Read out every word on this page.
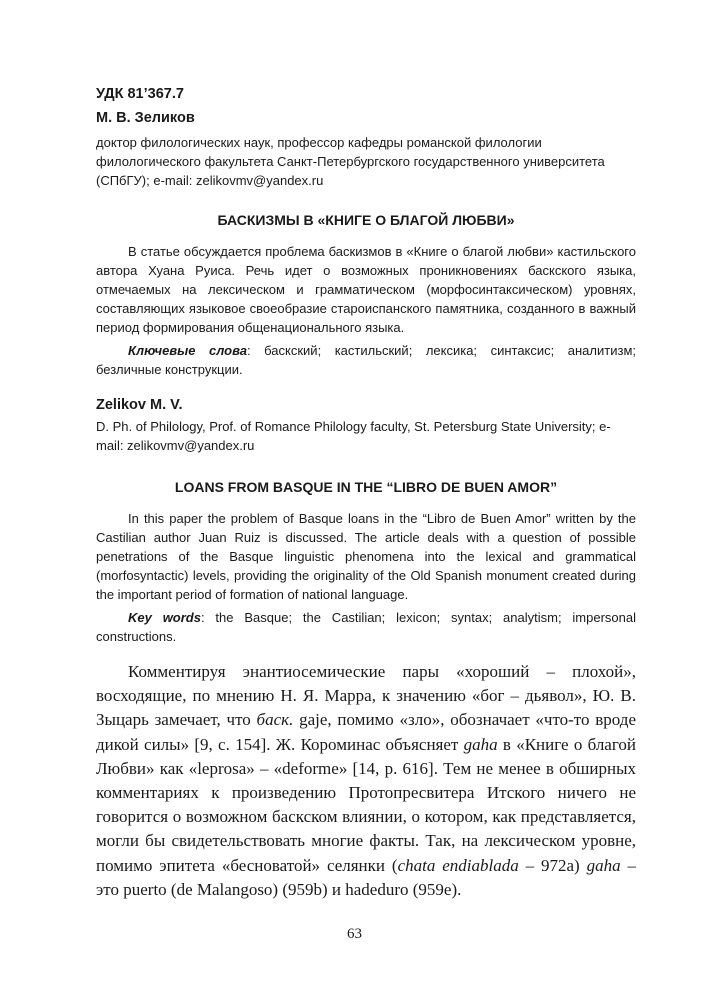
УДК 81’367.7

М. В. Зеликов

доктор филологических наук, профессор кафедры романской филологии филологического факультета Санкт-Петербургского государственного университета (СПбГУ); e-mail: zelikovmv@yandex.ru

БАСКИЗМЫ В «КНИГЕ О БЛАГОЙ ЛЮБВИ»

В статье обсуждается проблема баскизмов в «Книге о благой любви» кастильского автора Хуана Руиса. Речь идет о возможных проникновениях баскского языка, отмечаемых на лексическом и грамматическом (морфосинтаксическом) уровнях, составляющих языковое своеобразие староиспанского памятника, созданного в важный период формирования общенационального языка.

Ключевые слова: баскский; кастильский; лексика; синтаксис; аналитизм; безличные конструкции.

Zelikov M. V.

D. Ph. of Philology, Prof. of Romance Philology faculty, St. Petersburg State University; e-mail: zelikovmv@yandex.ru

LOANS FROM BASQUE IN THE “LIBRO DE BUEN AMOR”

In this paper the problem of Basque loans in the “Libro de Buen Amor” written by the Castilian author Juan Ruiz is discussed. The article deals with a question of possible penetrations of the Basque linguistic phenomena into the lexical and grammatical (morfosyntactic) levels, providing the originality of the Old Spanish monument created during the important period of formation of national language.

Key words: the Basque; the Castilian; lexicon; syntax; analytism; impersonal constructions.

Комментируя энантиосемические пары «хороший – плохой», восходящие, по мнению Н. Я. Марра, к значению «бог – дьявол», Ю. В. Зыцарь замечает, что баск. gaje, помимо «зло», обозначает «что-то вроде дикой силы» [9, с. 154]. Ж. Короминас объясняет gaha в «Книге о благой Любви» как «leprosa» – «deforme» [14, p. 616]. Тем не менее в обширных комментариях к произведению Протопресвитера Итского ничего не говорится о возможном баскском влиянии, о котором, как представляется, могли бы свидетельствовать многие факты. Так, на лексическом уровне, помимо эпитета «бесноватой» селянки (chata endiablada – 972a) gaha – это puerto (de Malangoso) (959b) и hadeduro (959e).

63
